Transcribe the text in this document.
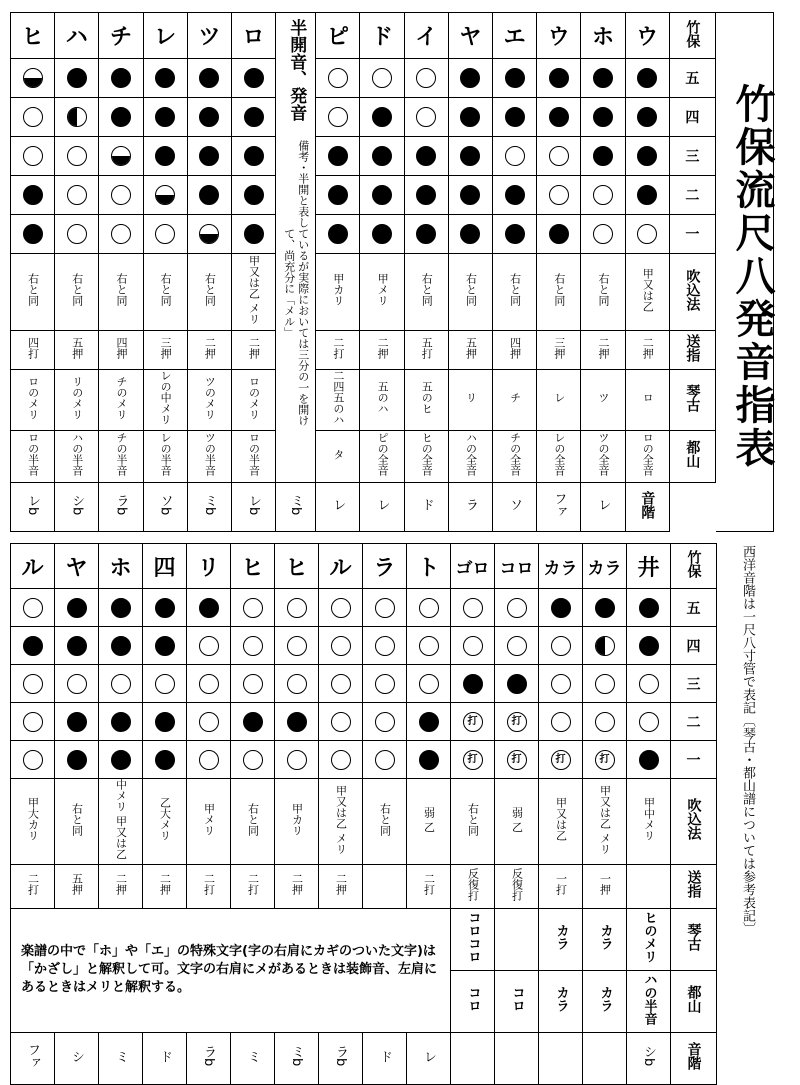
ヒ	ハ	チ	レ	ツ	ロ	半開音、発音備考・半開と表しているが実際においては三分の一を開けて、尚充分に「メル」	ピ	ド	イ	ヤ	エ	ウ	ホ	ウ	竹保
															五
															四
															三
															二
															一
右と同	右と同	右と同	右と同	右と同	甲又は乙 メリ		甲カリ	甲メリ	右と同	右と同	右と同	右と同	右と同	甲又は乙	吹込法
四打	五押	四押	三押	二押	二押		二打	二押	五打	五押	四押	三押	二押	二押	送指
ロのメリ	リのメリ	チのメリ	レの中メリ	ツのメリ	ロのメリ		二四五のハ	五のハ	五のヒ	リ	チ	レ	ツ	ロ	琴古
ロの半音	ハの半音	チの半音	レの半音	ツの半音	ロの半音		タ	ピの全音	ヒの全音	ハの全音	チの全音	レの全音	ツの全音	ロの全音	都山
レb	シb	ラb	ソb	ミb	レb	ミb	レ	レ	ド	ラ	ソ	ファ	レ	音階	
ル	ヤ	ホ	四	リ	ヒ	ヒ	ル	ラ	ト	ゴロ	コロ	カラ	カラ	井	竹保
															五
															四
															三
										打	打				二
										打	打	打	打		一
甲大カリ	右と同	中メリ 甲又は乙	乙大メリ	甲メリ	右と同	甲カリ	甲又は乙 メリ	右と同	弱 乙	右と同	弱 乙	甲又は乙	甲又は乙 メリ	甲中メリ	吹込法
二打	五押	二押	二押	二打	二打	二押	二押		二打	反復打	反復打	一打	一押		送指
楽譜の中で「ホ」や「エ」の特殊文字(字の右肩にカギのついた文字)は「かざし」と解釈して可。文字の右肩にメがあるときは装飾音、左肩にあるときはメリと解釈する。										コロコロ		カラ	カラ	ヒのメリ	琴古
										コロ	コロ	カラ	カラ	ハの半音	都山
ファ	シ	ミ	ド	ラb	ミ	ミb	ラb	ド	レ					シb	音階
竹保流尺八発音指表
西洋音階は一尺八寸管で表記〔琴古・都山譜については参考表記〕
